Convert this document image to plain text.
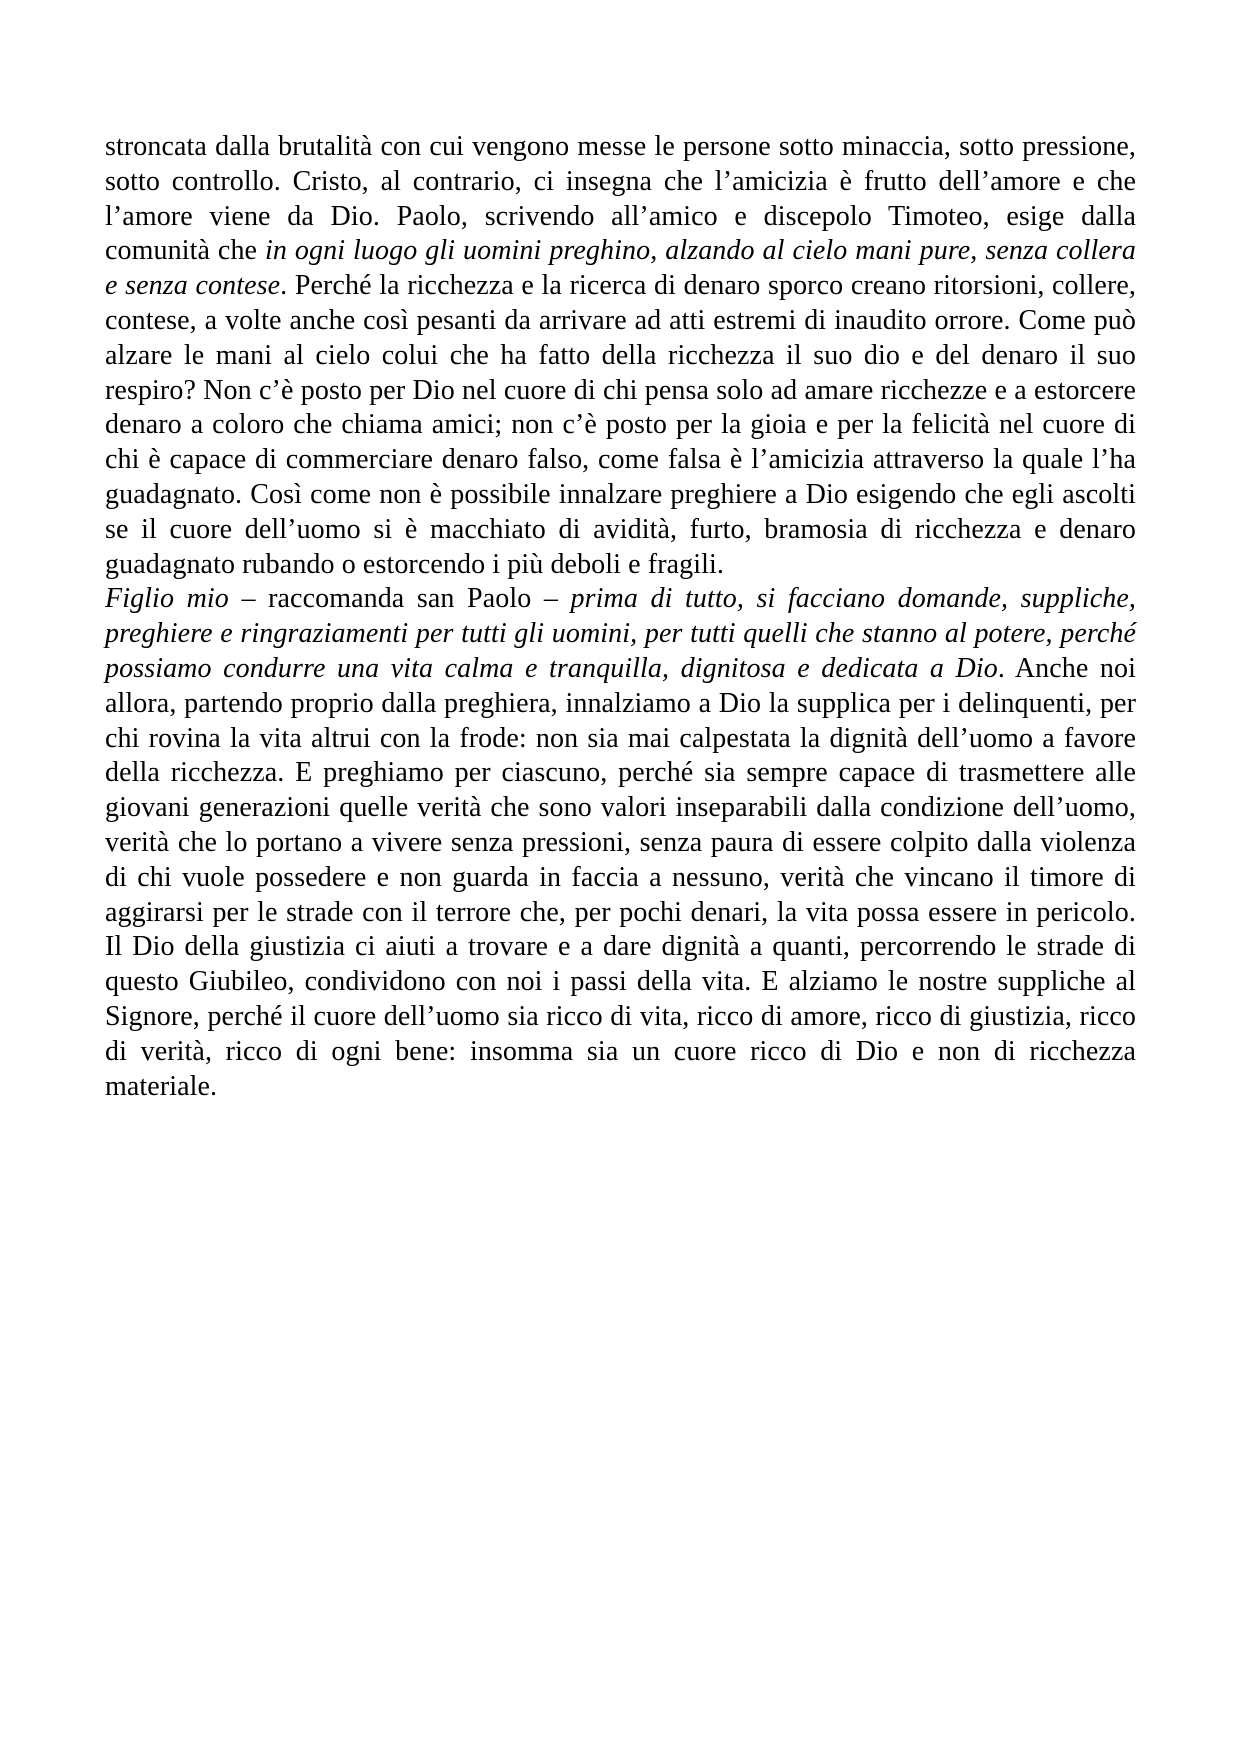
stroncata dalla brutalità con cui vengono messe le persone sotto minaccia, sotto pressione, sotto controllo. Cristo, al contrario, ci insegna che l’amicizia è frutto dell’amore e che l’amore viene da Dio. Paolo, scrivendo all’amico e discepolo Timoteo, esige dalla comunità che in ogni luogo gli uomini preghino, alzando al cielo mani pure, senza collera e senza contese. Perché la ricchezza e la ricerca di denaro sporco creano ritorsioni, collere, contese, a volte anche così pesanti da arrivare ad atti estremi di inaudito orrore. Come può alzare le mani al cielo colui che ha fatto della ricchezza il suo dio e del denaro il suo respiro? Non c’è posto per Dio nel cuore di chi pensa solo ad amare ricchezze e a estorcere denaro a coloro che chiama amici; non c’è posto per la gioia e per la felicità nel cuore di chi è capace di commerciare denaro falso, come falsa è l’amicizia attraverso la quale l’ha guadagnato. Così come non è possibile innalzare preghiere a Dio esigendo che egli ascolti se il cuore dell’uomo si è macchiato di avidità, furto, bramosia di ricchezza e denaro guadagnato rubando o estorcendo i più deboli e fragili.

Figlio mio – raccomanda san Paolo – prima di tutto, si facciano domande, suppliche, preghiere e ringraziamenti per tutti gli uomini, per tutti quelli che stanno al potere, perché possiamo condurre una vita calma e tranquilla, dignitosa e dedicata a Dio. Anche noi allora, partendo proprio dalla preghiera, innalziamo a Dio la supplica per i delinquenti, per chi rovina la vita altrui con la frode: non sia mai calpestata la dignità dell’uomo a favore della ricchezza. E preghiamo per ciascuno, perché sia sempre capace di trasmettere alle giovani generazioni quelle verità che sono valori inseparabili dalla condizione dell’uomo, verità che lo portano a vivere senza pressioni, senza paura di essere colpito dalla violenza di chi vuole possedere e non guarda in faccia a nessuno, verità che vincano il timore di aggirarsi per le strade con il terrore che, per pochi denari, la vita possa essere in pericolo. Il Dio della giustizia ci aiuti a trovare e a dare dignità a quanti, percorrendo le strade di questo Giubileo, condividono con noi i passi della vita. E alziamo le nostre suppliche al Signore, perché il cuore dell’uomo sia ricco di vita, ricco di amore, ricco di giustizia, ricco di verità, ricco di ogni bene: insomma sia un cuore ricco di Dio e non di ricchezza materiale.
